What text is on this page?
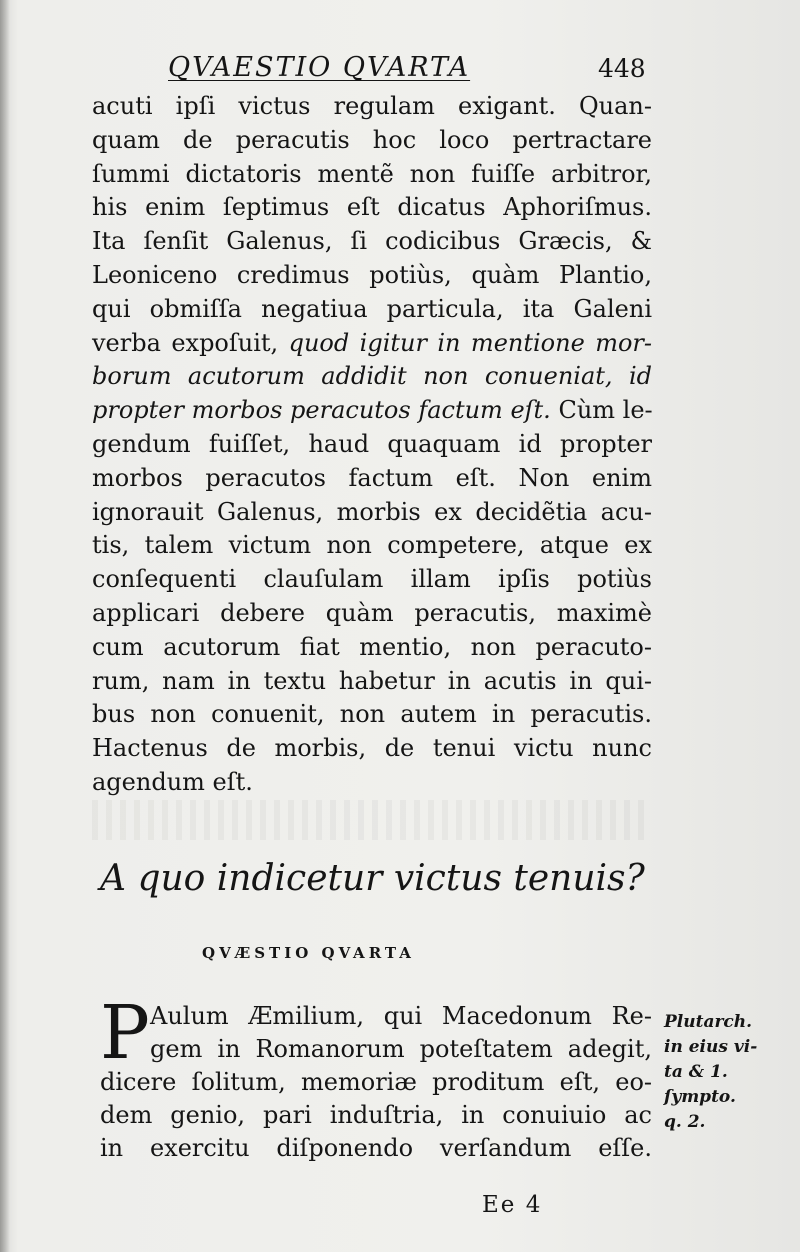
QVAESTIO QVARTA	448
acuti ipſi victus regulam exigant. Quan-
quam de peracutis hoc loco pertractare
ſummi dictatoris mentẽ non fuiſſe arbitror,
his enim ſeptimus eſt dicatus Aphoriſmus.
Ita ſenſit Galenus, ſi codicibus Græcis, &
Leoniceno credimus potiùs, quàm Plantio,
qui obmiſſa negatiua particula, ita Galeni
verba expoſuit, quod igitur in mentione mor-
borum acutorum addidit non conueniat, id
propter morbos peracutos factum eſt. Cùm le-
gendum fuiſſet, haud quaquam id propter
morbos peracutos factum eſt. Non enim
ignorauit Galenus, morbis ex decidẽtia acu-
tis, talem victum non competere, atque ex
conſequenti clauſulam illam ipſis potiùs
applicari debere quàm peracutis, maximè
cum acutorum fiat mentio, non peracuto-
rum, nam in textu habetur in acutis in qui-
bus non conuenit, non autem in peracutis.
Hactenus de morbis, de tenui victu nunc
agendum eſt.
A quo indicetur victus tenuis?
QVÆSTIO QVARTA
P Aulum Æmilium, qui Macedonum Re-
gem in Romanorum poteſtatem adegit,
dicere ſolitum, memoriæ proditum eſt, eo-
dem genio, pari induſtria, in conuiuio ac
in exercitu diſponendo verſandum eſſe.
Plutarch.
in eius vi-
ta & 1.
ſympto.
q. 2.
Ee 4
